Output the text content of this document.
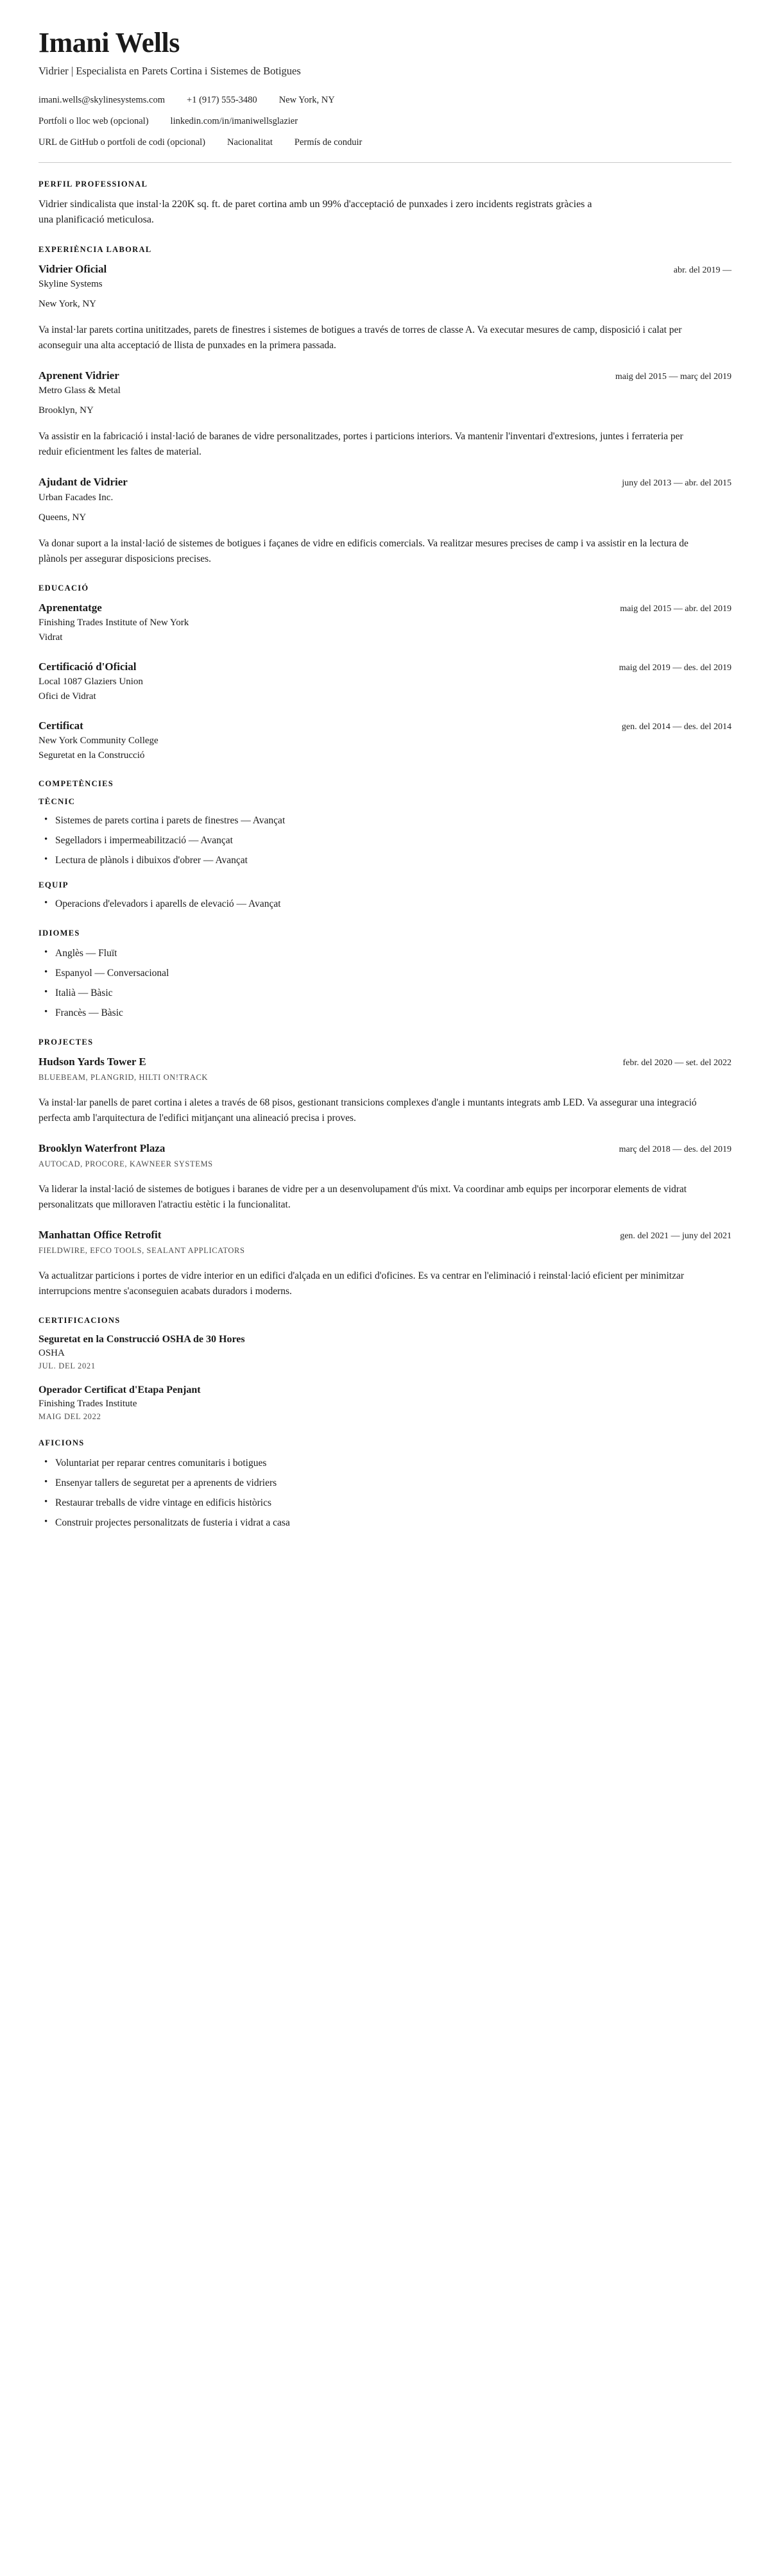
Imani Wells

Vidrier | Especialista en Parets Cortina i Sistemes de Botigues

imani.wells@skylinesystems.com +1 (917) 555-3480 New York, NY
Portfoli o lloc web (opcional) linkedin.com/in/imaniwellsglazier
URL de GitHub o portfoli de codi (opcional) Nacionalitat Permís de conduir
PERFIL PROFESSIONAL

Vidrier sindicalista que instal·la 220K sq. ft. de paret cortina amb un 99% d'acceptació de punxades i zero incidents registrats gràcies a una planificació meticulosa.

EXPERIÈNCIA LABORAL
Vidrier Oficial	abr. del 2019 —

Skyline Systems

New York, NY

Va instal·lar parets cortina unititzades, parets de finestres i sistemes de botigues a través de torres de classe A. Va executar mesures de camp, disposició i calat per aconseguir una alta acceptació de llista de punxades en la primera passada.

Aprenent Vidrier	maig del 2015 — març del 2019

Metro Glass & Metal

Brooklyn, NY

Va assistir en la fabricació i instal·lació de baranes de vidre personalitzades, portes i particions interiors. Va mantenir l'inventari d'extresions, juntes i ferrateria per reduir eficientment les faltes de material.

Ajudant de Vidrier	juny del 2013 — abr. del 2015

Urban Facades Inc.

Queens, NY

Va donar suport a la instal·lació de sistemes de botigues i façanes de vidre en edificis comercials. Va realitzar mesures precises de camp i va assistir en la lectura de plànols per assegurar disposicions precises.

EDUCACIÓ
Aprenentatge	maig del 2015 — abr. del 2019

Finishing Trades Institute of New York

Vidrat

Certificació d'Oficial	maig del 2019 — des. del 2019

Local 1087 Glaziers Union

Ofici de Vidrat

Certificat	gen. del 2014 — des. del 2014

New York Community College

Seguretat en la Construcció

COMPETÈNCIES
TÈCNIC
• Sistemes de parets cortina i parets de finestres — Avançat
• Segelladors i impermeabilització — Avançat
• Lectura de plànols i dibuixos d'obrer — Avançat
EQUIP
• Operacions d'elevadors i aparells de elevació — Avançat
IDIOMES
• Anglès — Fluït
• Espanyol — Conversacional
• Italià — Bàsic
• Francès — Bàsic
PROJECTES
Hudson Yards Tower E	febr. del 2020 — set. del 2022

BLUEBEAM, PLANGRID, HILTI ON!TRACK

Va instal·lar panells de paret cortina i aletes a través de 68 pisos, gestionant transicions complexes d'angle i muntants integrats amb LED. Va assegurar una integració perfecta amb l'arquitectura de l'edifici mitjançant una alineació precisa i proves.

Brooklyn Waterfront Plaza	març del 2018 — des. del 2019

AUTOCAD, PROCORE, KAWNEER SYSTEMS

Va liderar la instal·lació de sistemes de botigues i baranes de vidre per a un desenvolupament d'ús mixt. Va coordinar amb equips per incorporar elements de vidrat personalitzats que milloraven l'atractiu estètic i la funcionalitat.

Manhattan Office Retrofit	gen. del 2021 — juny del 2021

FIELDWIRE, EFCO TOOLS, SEALANT APPLICATORS

Va actualitzar particions i portes de vidre interior en un edifici d'alçada en un edifici d'oficines. Es va centrar en l'eliminació i reinstal·lació eficient per minimitzar interrupcions mentre s'aconseguien acabats duradors i moderns.

CERTIFICACIONS
Seguretat en la Construcció OSHA de 30 Hores

OSHA

JUL. DEL 2021

Operador Certificat d'Etapa Penjant

Finishing Trades Institute

MAIG DEL 2022

AFICIONS
• Voluntariat per reparar centres comunitaris i botigues
• Ensenyar tallers de seguretat per a aprenents de vidriers
• Restaurar treballs de vidre vintage en edificis històrics
• Construir projectes personalitzats de fusteria i vidrat a casa
